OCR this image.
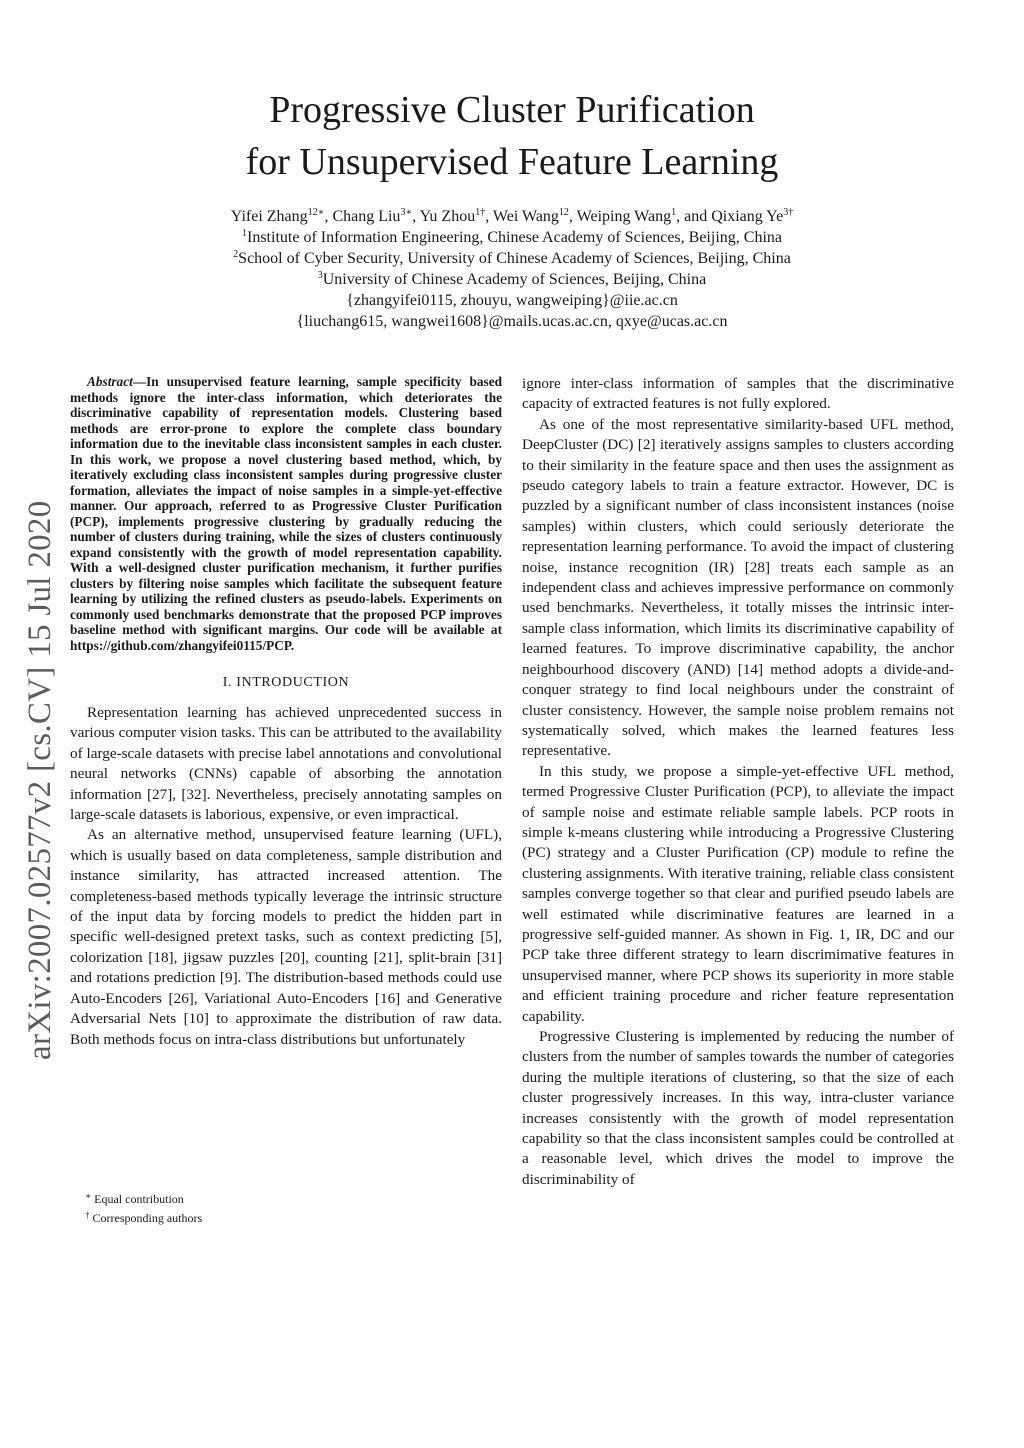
Progressive Cluster Purification
for Unsupervised Feature Learning
Yifei Zhang$^{12∗}$, Chang Liu$^{3∗}$, Yu Zhou$^{1\dagger}$, Wei Wang$^{12}$, Weiping Wang$^1$, and Qixiang $Ye^{3\dagger}$
$^1$Institute of Information Engineering, Chinese Academy of Sciences, Beijing, China
$^2$School of Cyber Security, University of Chinese Academy of Sciences, Beijing, China
$^3$University of Chinese Academy of Sciences, Beijing, China
{zhangyifei0115, zhouyu, wangweiping}@iie.ac.cn
{liuchang615, wangwei1608}@mails.ucas.ac.cn, qxye@ucas.ac.cn
arXiv:2007.02577v2 [cs.CV] 15 Jul 2020

Abstract—In unsupervised feature learning, sample specificity based methods ignore the inter-class information, which deteriorates the discriminative capability of representation models. Clustering based methods are error-prone to explore the complete class boundary information due to the inevitable class inconsistent samples in each cluster. In this work, we propose a novel clustering based method, which, by iteratively excluding class inconsistent samples during progressive cluster formation, alleviates the impact of noise samples in a simple-yet-effective manner. Our approach, referred to as Progressive Cluster Purification (PCP), implements progressive clustering by gradually reducing the number of clusters during training, while the sizes of clusters continuously expand consistently with the growth of model representation capability. With a well-designed cluster purification mechanism, it further purifies clusters by filtering noise samples which facilitate the subsequent feature learning by utilizing the refined clusters as pseudo-labels. Experiments on commonly used benchmarks demonstrate that the proposed PCP improves baseline method with significant margins. Our code will be available at https://github.com/zhangyifei0115/PCP.

I. INTRODUCTION

Representation learning has achieved unprecedented success in various computer vision tasks. This can be attributed to the availability of large-scale datasets with precise label annotations and convolutional neural networks (CNNs) capable of absorbing the annotation information [27], [32]. Nevertheless, precisely annotating samples on large-scale datasets is laborious, expensive, or even impractical.

As an alternative method, unsupervised feature learning (UFL), which is usually based on data completeness, sample distribution and instance similarity, has attracted increased attention. The completeness-based methods typically leverage the intrinsic structure of the input data by forcing models to predict the hidden part in specific well-designed pretext tasks, such as context predicting [5], colorization [18], jigsaw puzzles [20], counting [21], split-brain [31] and rotations prediction [9]. The distribution-based methods could use Auto-Encoders [26], Variational Auto-Encoders [16] and Generative Adversarial Nets [10] to approximate the distribution of raw data. Both methods focus on intra-class distributions but unfortunately

ignore inter-class information of samples that the discriminative capacity of extracted features is not fully explored.

As one of the most representative similarity-based UFL method, DeepCluster (DC) [2] iteratively assigns samples to clusters according to their similarity in the feature space and then uses the assignment as pseudo category labels to train a feature extractor. However, DC is puzzled by a significant number of class inconsistent instances (noise samples) within clusters, which could seriously deteriorate the representation learning performance. To avoid the impact of clustering noise, instance recognition (IR) [28] treats each sample as an independent class and achieves impressive performance on commonly used benchmarks. Nevertheless, it totally misses the intrinsic inter-sample class information, which limits its discriminative capability of learned features. To improve discriminative capability, the anchor neighbourhood discovery (AND) [14] method adopts a divide-and-conquer strategy to find local neighbours under the constraint of cluster consistency. However, the sample noise problem remains not systematically solved, which makes the learned features less representative.

In this study, we propose a simple-yet-effective UFL method, termed Progressive Cluster Purification (PCP), to alleviate the impact of sample noise and estimate reliable sample labels. PCP roots in simple k-means clustering while introducing a Progressive Clustering (PC) strategy and a Cluster Purification (CP) module to refine the clustering assignments. With iterative training, reliable class consistent samples converge together so that clear and purified pseudo labels are well estimated while discriminative features are learned in a progressive self-guided manner. As shown in Fig. 1, IR, DC and our PCP take three different strategy to learn discrimimative features in unsupervised manner, where PCP shows its superiority in more stable and efficient training procedure and richer feature representation capability.

Progressive Clustering is implemented by reducing the number of clusters from the number of samples towards the number of categories during the multiple iterations of clustering, so that the size of each cluster progressively increases. In this way, intra-cluster variance increases consistently with the growth of model representation capability so that the class inconsistent samples could be controlled at a reasonable level, which drives the model to improve the discriminability of

∗ Equal contribution
† Corresponding authors
